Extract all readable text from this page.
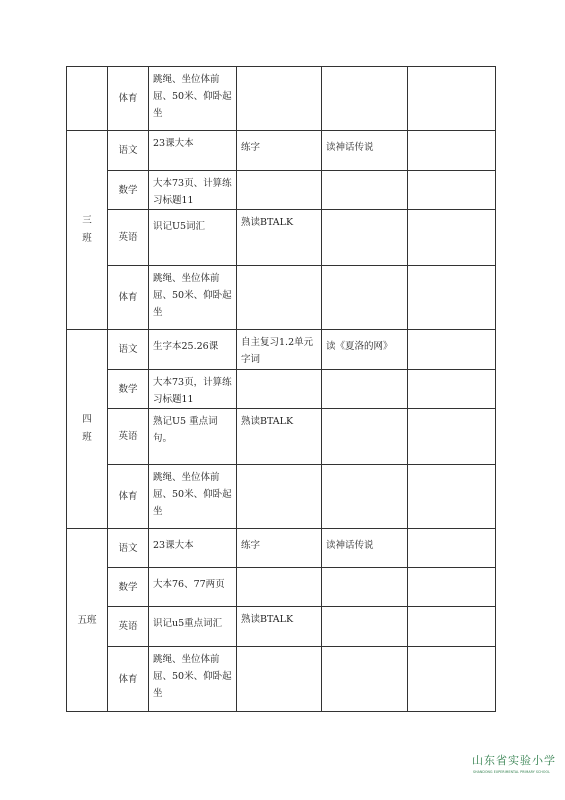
	体育	跳绳、坐位体前屈、50米、仰卧起坐			

三
班	语文	23课大本	练字	读神话传说	
	数学	大本73页、计算练习标题11			
	英语	识记U5词汇	熟读BTALK		
	体育	跳绳、坐位体前屈、50米、仰卧起坐			

四
班	语文	生字本25.26课	自主复习1.2单元字词	读《夏洛的网》	
	数学	大本73页，计算练习标题11			
	英语	熟记U5 重点词句。	熟读BTALK		
	体育	跳绳、坐位体前屈、50米、仰卧起坐			
五班	语文	23课大本	练字	读神话传说	
	数学	大本76、77两页			
	英语	识记u5重点词汇	熟读BTALK		
	体育	跳绳、坐位体前屈、50米、仰卧起坐			
山东省实验小学
SHANDONG EXPERIMENTAL PRIMARY SCHOOL
